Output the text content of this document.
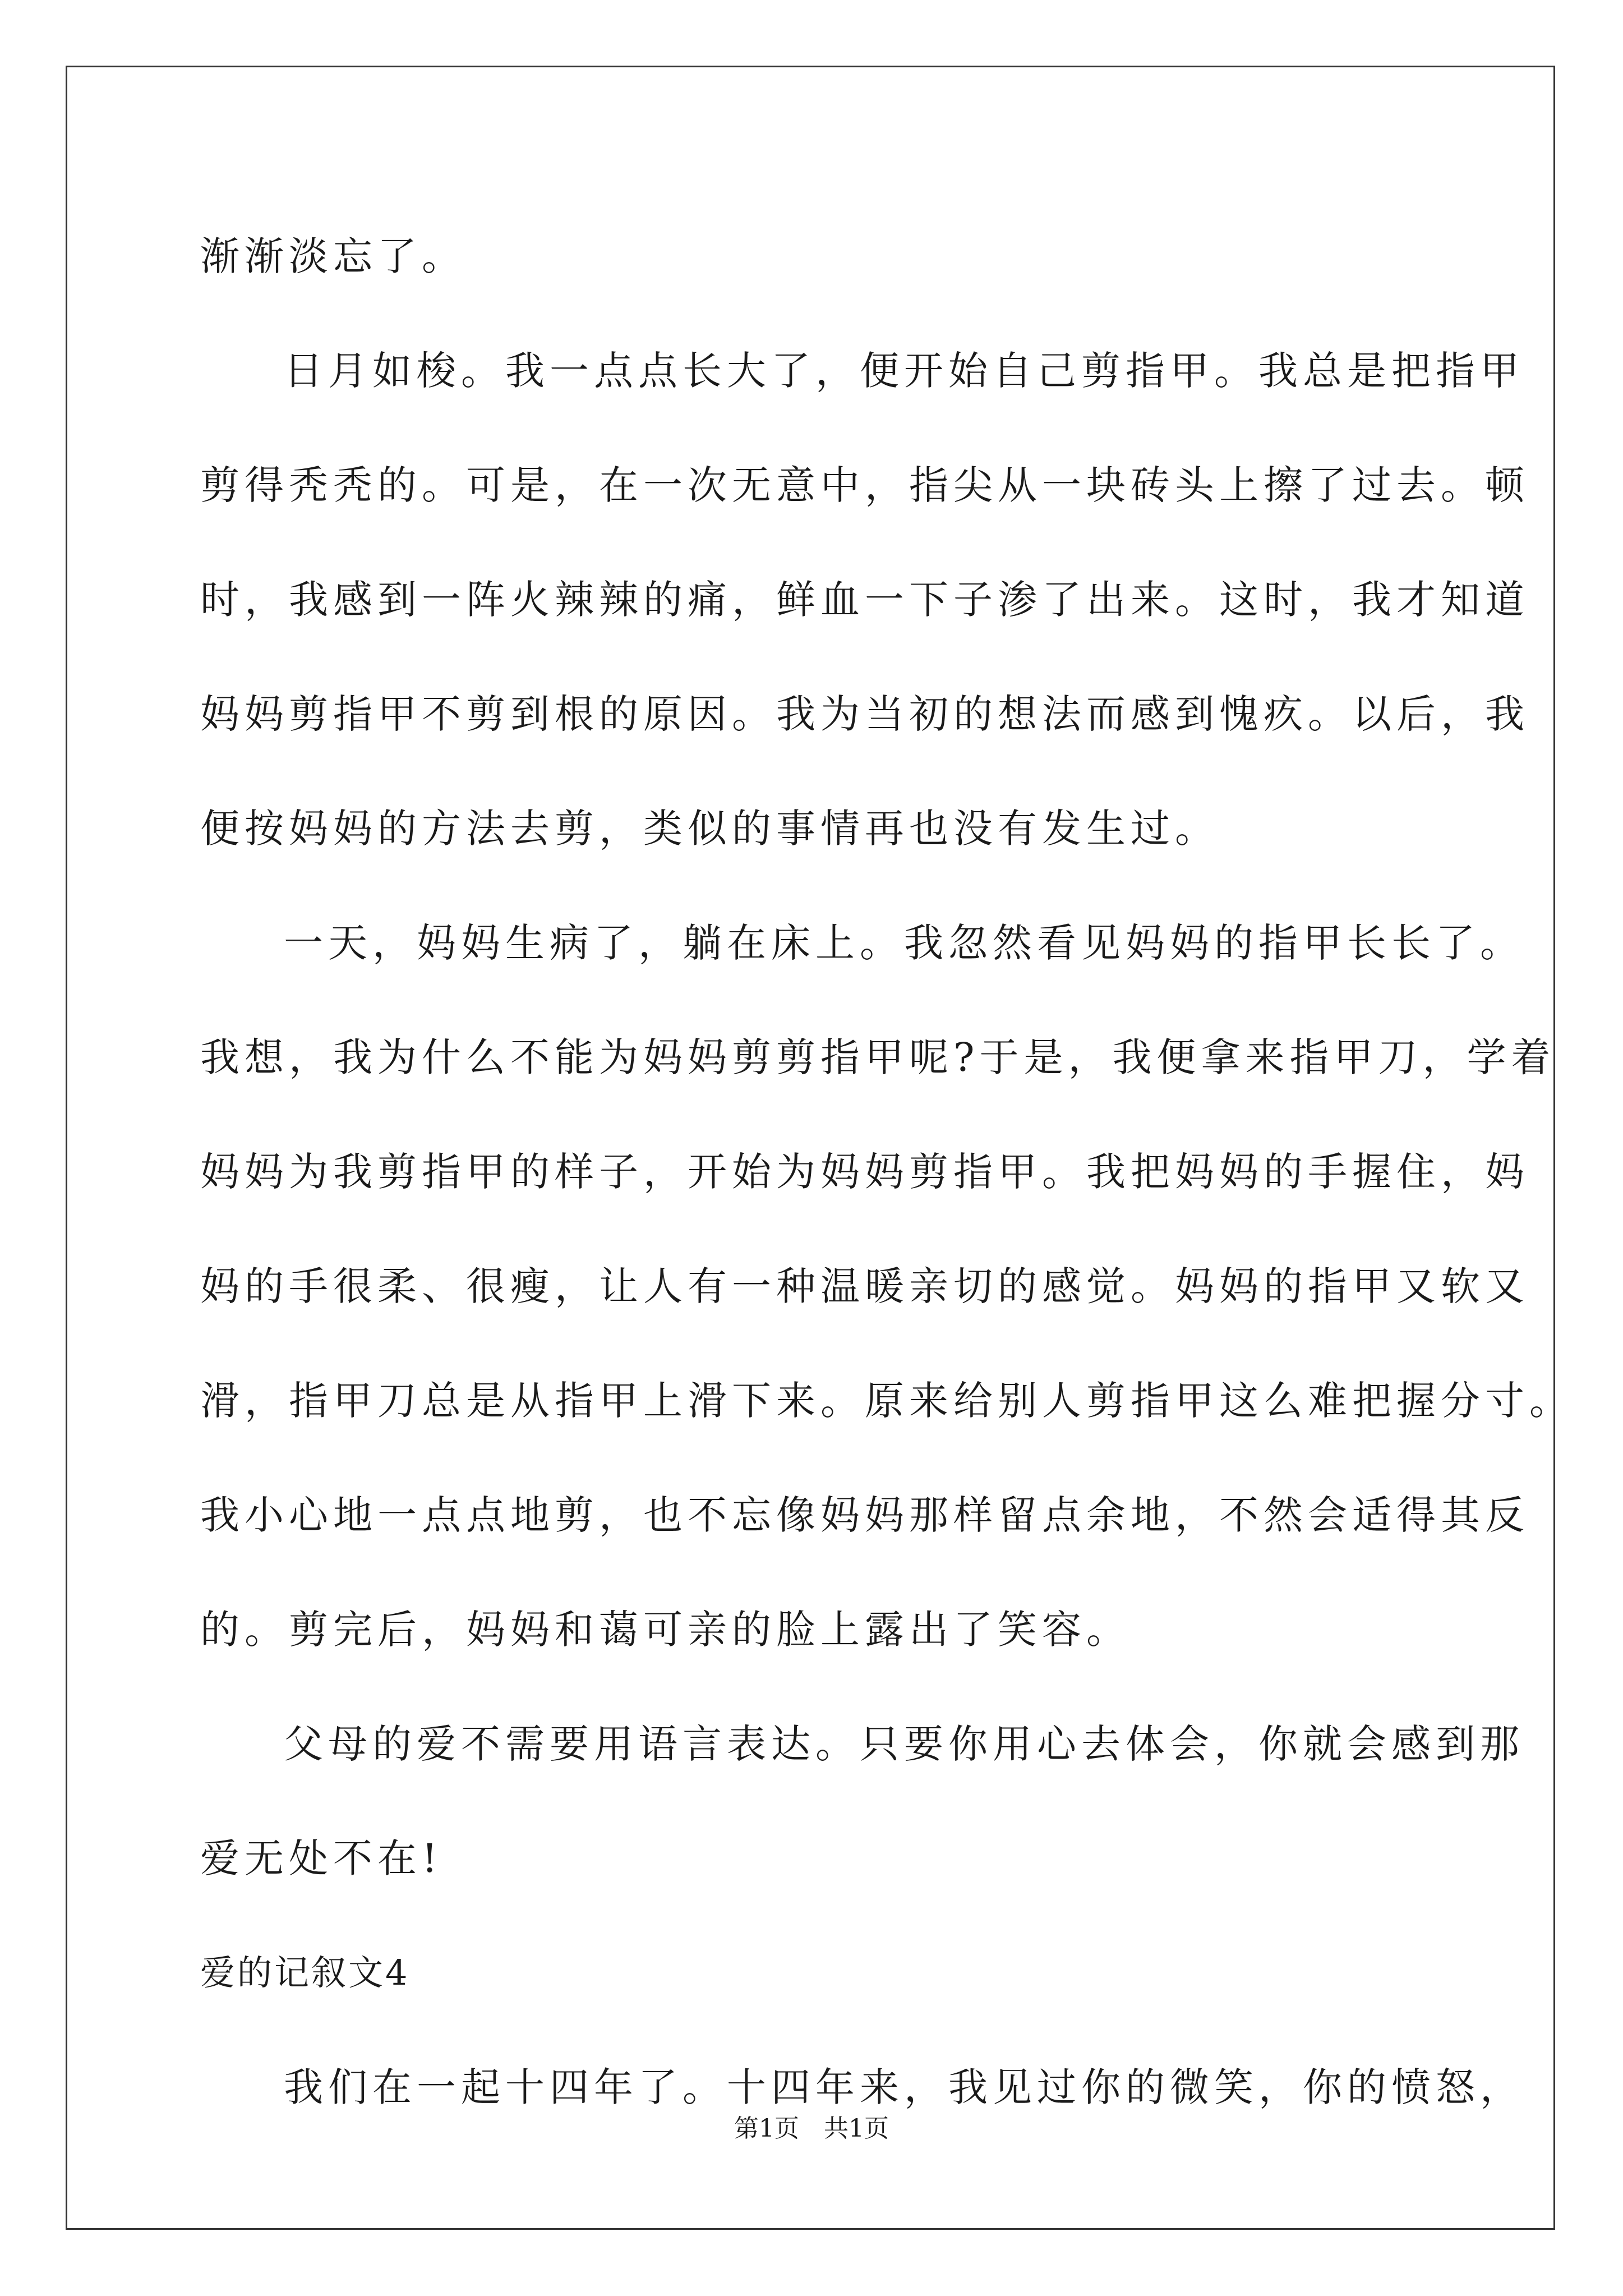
渐渐淡忘了。
日月如梭。我一点点长大了，便开始自己剪指甲。我总是把指甲
剪得秃秃的。可是，在一次无意中，指尖从一块砖头上擦了过去。顿
时，我感到一阵火辣辣的痛，鲜血一下子渗了出来。这时，我才知道
妈妈剪指甲不剪到根的原因。我为当初的想法而感到愧疚。以后，我
便按妈妈的方法去剪，类似的事情再也没有发生过。
一天，妈妈生病了，躺在床上。我忽然看见妈妈的指甲长长了。
我想，我为什么不能为妈妈剪剪指甲呢?于是，我便拿来指甲刀，学着
妈妈为我剪指甲的样子，开始为妈妈剪指甲。我把妈妈的手握住，妈
妈的手很柔、很瘦，让人有一种温暖亲切的感觉。妈妈的指甲又软又
滑，指甲刀总是从指甲上滑下来。原来给别人剪指甲这么难把握分寸。
我小心地一点点地剪，也不忘像妈妈那样留点余地，不然会适得其反
的。剪完后，妈妈和蔼可亲的脸上露出了笑容。
父母的爱不需要用语言表达。只要你用心去体会，你就会感到那
爱无处不在!
爱的记叙文4
我们在一起十四年了。十四年来，我见过你的微笑，你的愤怒，
第1页　共1页
